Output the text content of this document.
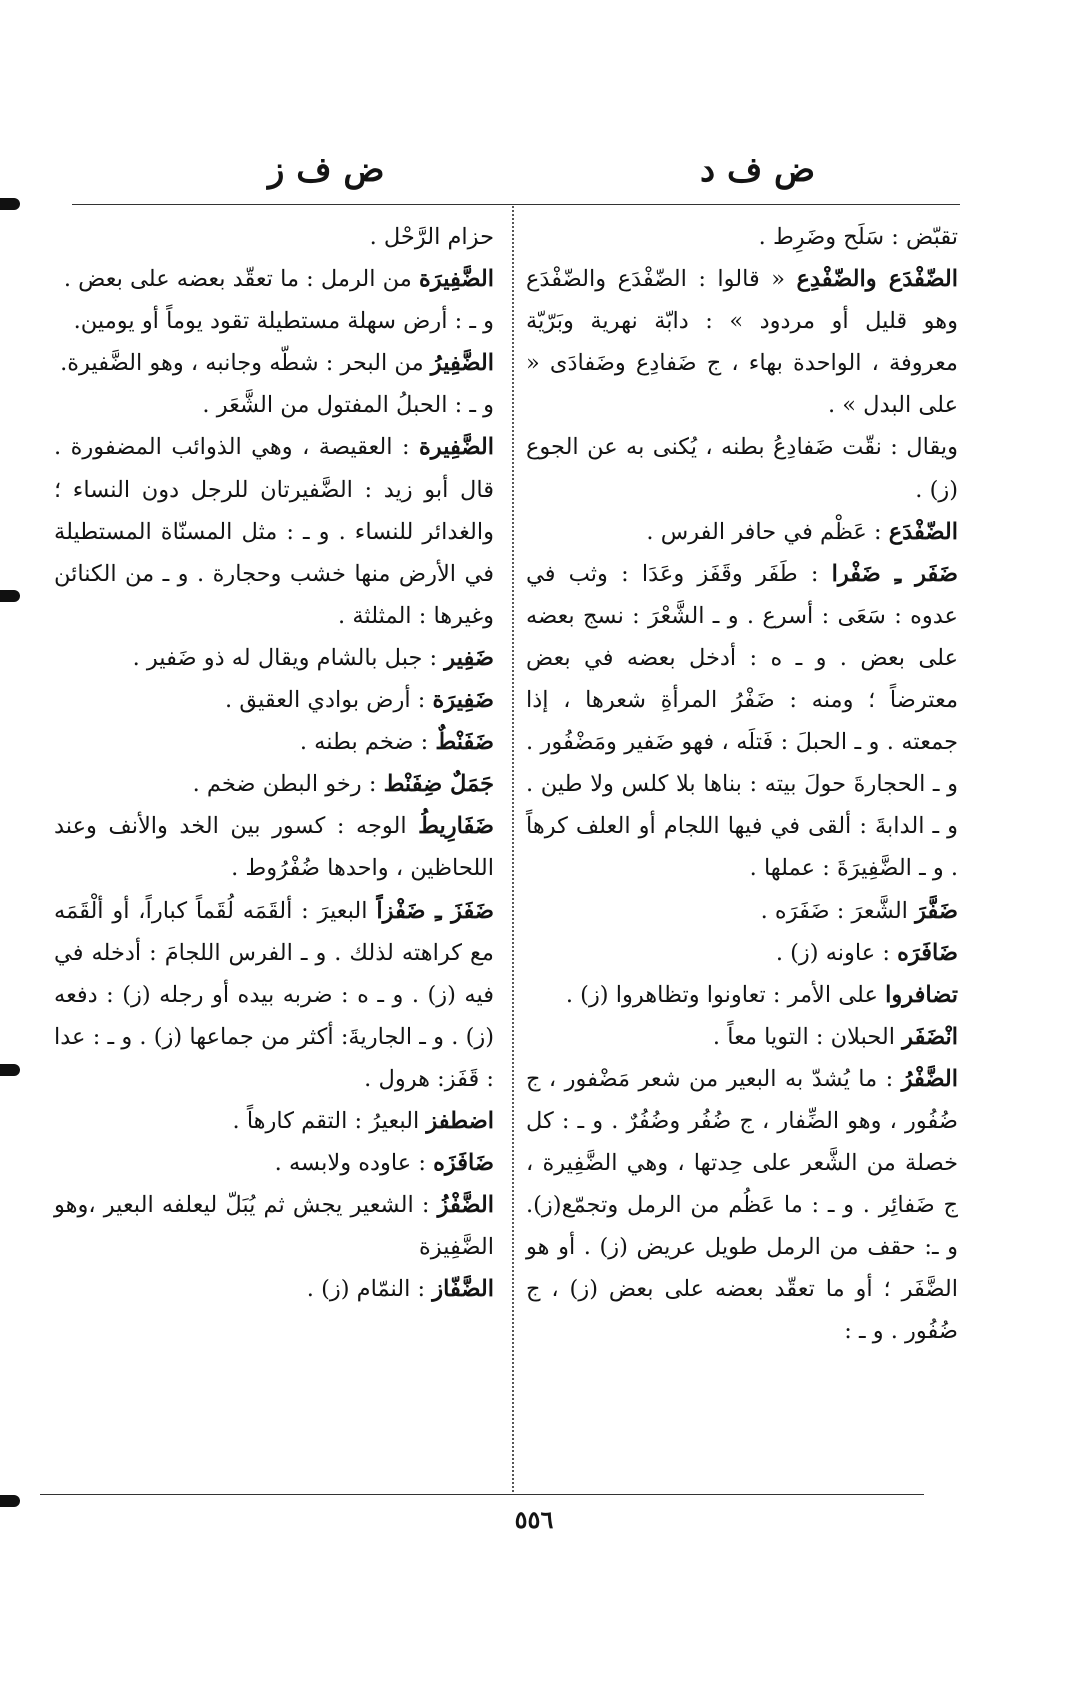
ض ف د
ض ف ز

تقبّض : سَلَح وضَرِط .

الضّفْدَع والضّفْدِع « قالوا : الضّفْدَع والضّفْدَع وهو قليل أو مردود » : دابّة نهرية وبَرّيّة معروفة ، الواحدة بهاء ، ج ضَفادِع وضَفادَى « على البدل » .

ويقال : نقّت ضَفادِعُ بطنه ، يُكنى به عن الجوع (ز) .

الضّفْدَع : عَظْم في حافر الفرس .

ضَفَر ـِ ضَفْرا : طَفَر وقَفَز وعَدَا : وثب في عدوه : سَعَى : أسرع . و ـ الشَّعْرَ : نسج بعضه على بعض . و ـ ه : أدخل بعضه في بعض معترضاً ؛ ومنه : ضَفْرُ المرأةِ شعرها ، إذا جمعته . و ـ الحبلَ : فَتلَه ، فهو ضَفير ومَضْفُور . و ـ الحجارةَ حولَ بيته : بناها بلا كلس ولا طين . و ـ الدابةَ : ألقى في فيها اللجام أو العلف كرهاً . و ـ الضَّفِيرَةَ : عملها .

ضَفَّرَ الشَّعرَ : ضَفَرَه .

ضَافَرَه : عاونه (ز) .

تضافروا على الأمر : تعاونوا وتظاهروا (ز) .

انْضَفَر الحبلان : التويا معاً .

الضَّفْرُ : ما يُشدّ به البعير من شعر مَضْفور ، ج ضُفُور ، وهو الضِّفار ، ج ضُفُر وضُفُرٌ . و ـ : كل خصلة من الشَّعر على حِدتها ، وهي الضَّفِيرة ، ج ضَفائِر . و ـ : ما عَظُم من الرمل وتجمّع(ز). و ـ: حقف من الرمل طويل عريض (ز) . أو هو الضَّفَر ؛ أو ما تعقّد بعضه على بعض (ز) ، ج ضُفُور . و ـ :

حزام الرَّحْل .

الضَّفِيرَة من الرمل : ما تعقّد بعضه على بعض .

و ـ : أرض سهلة مستطيلة تقود يوماً أو يومين.

الضَّفِيرُ من البحر : شطّه وجانبه ، وهو الضَّفيرة.

و ـ : الحبلُ المفتول من الشَّعَر .

الضَّفِيرة : العقيصة ، وهي الذوائب المضفورة . قال أبو زيد : الضَّفيرتان للرجل دون النساء ؛ والغدائر للنساء . و ـ : مثل المسنّاة المستطيلة في الأرض منها خشب وحجارة . و ـ من الكنائن وغيرها : المثلثة .

ضَفِير : جبل بالشام ويقال له ذو ضَفير .

ضَفِيرَة : أرض بوادي العقيق .

ضَفَنْطٌ : ضخم بطنه .

جَمَلٌ ضِفَنْط : رخو البطن ضخم .

ضَفَارِيطُ الوجه : كسور بين الخد والأنف وعند اللحاظين ، واحدها ضُفْرُوط .

ضَفَزَ ـِ ضَفْزاً البعيرَ : ألقَمَه لُقَماً كباراً، أو ألْقَمَه مع كراهته لذلك . و ـ الفرس اللجامَ : أدخله في فيه (ز) . و ـ ه : ضربه بيده أو رجله (ز) : دفعه (ز) . و ـ الجاريةَ: أكثر من جماعها (ز) . و ـ : عدا : قَفَز: هرول .

اضطفز البعيرُ : التقم كارهاً .

ضَافَزَه : عاوده ولابسه .

الضَّفْزُ : الشعير يجش ثم يُبَلّ ليعلفه البعير ،وهو الضَّفِيزة

الضَّفّاز : النمّام (ز) .

٥٥٦
